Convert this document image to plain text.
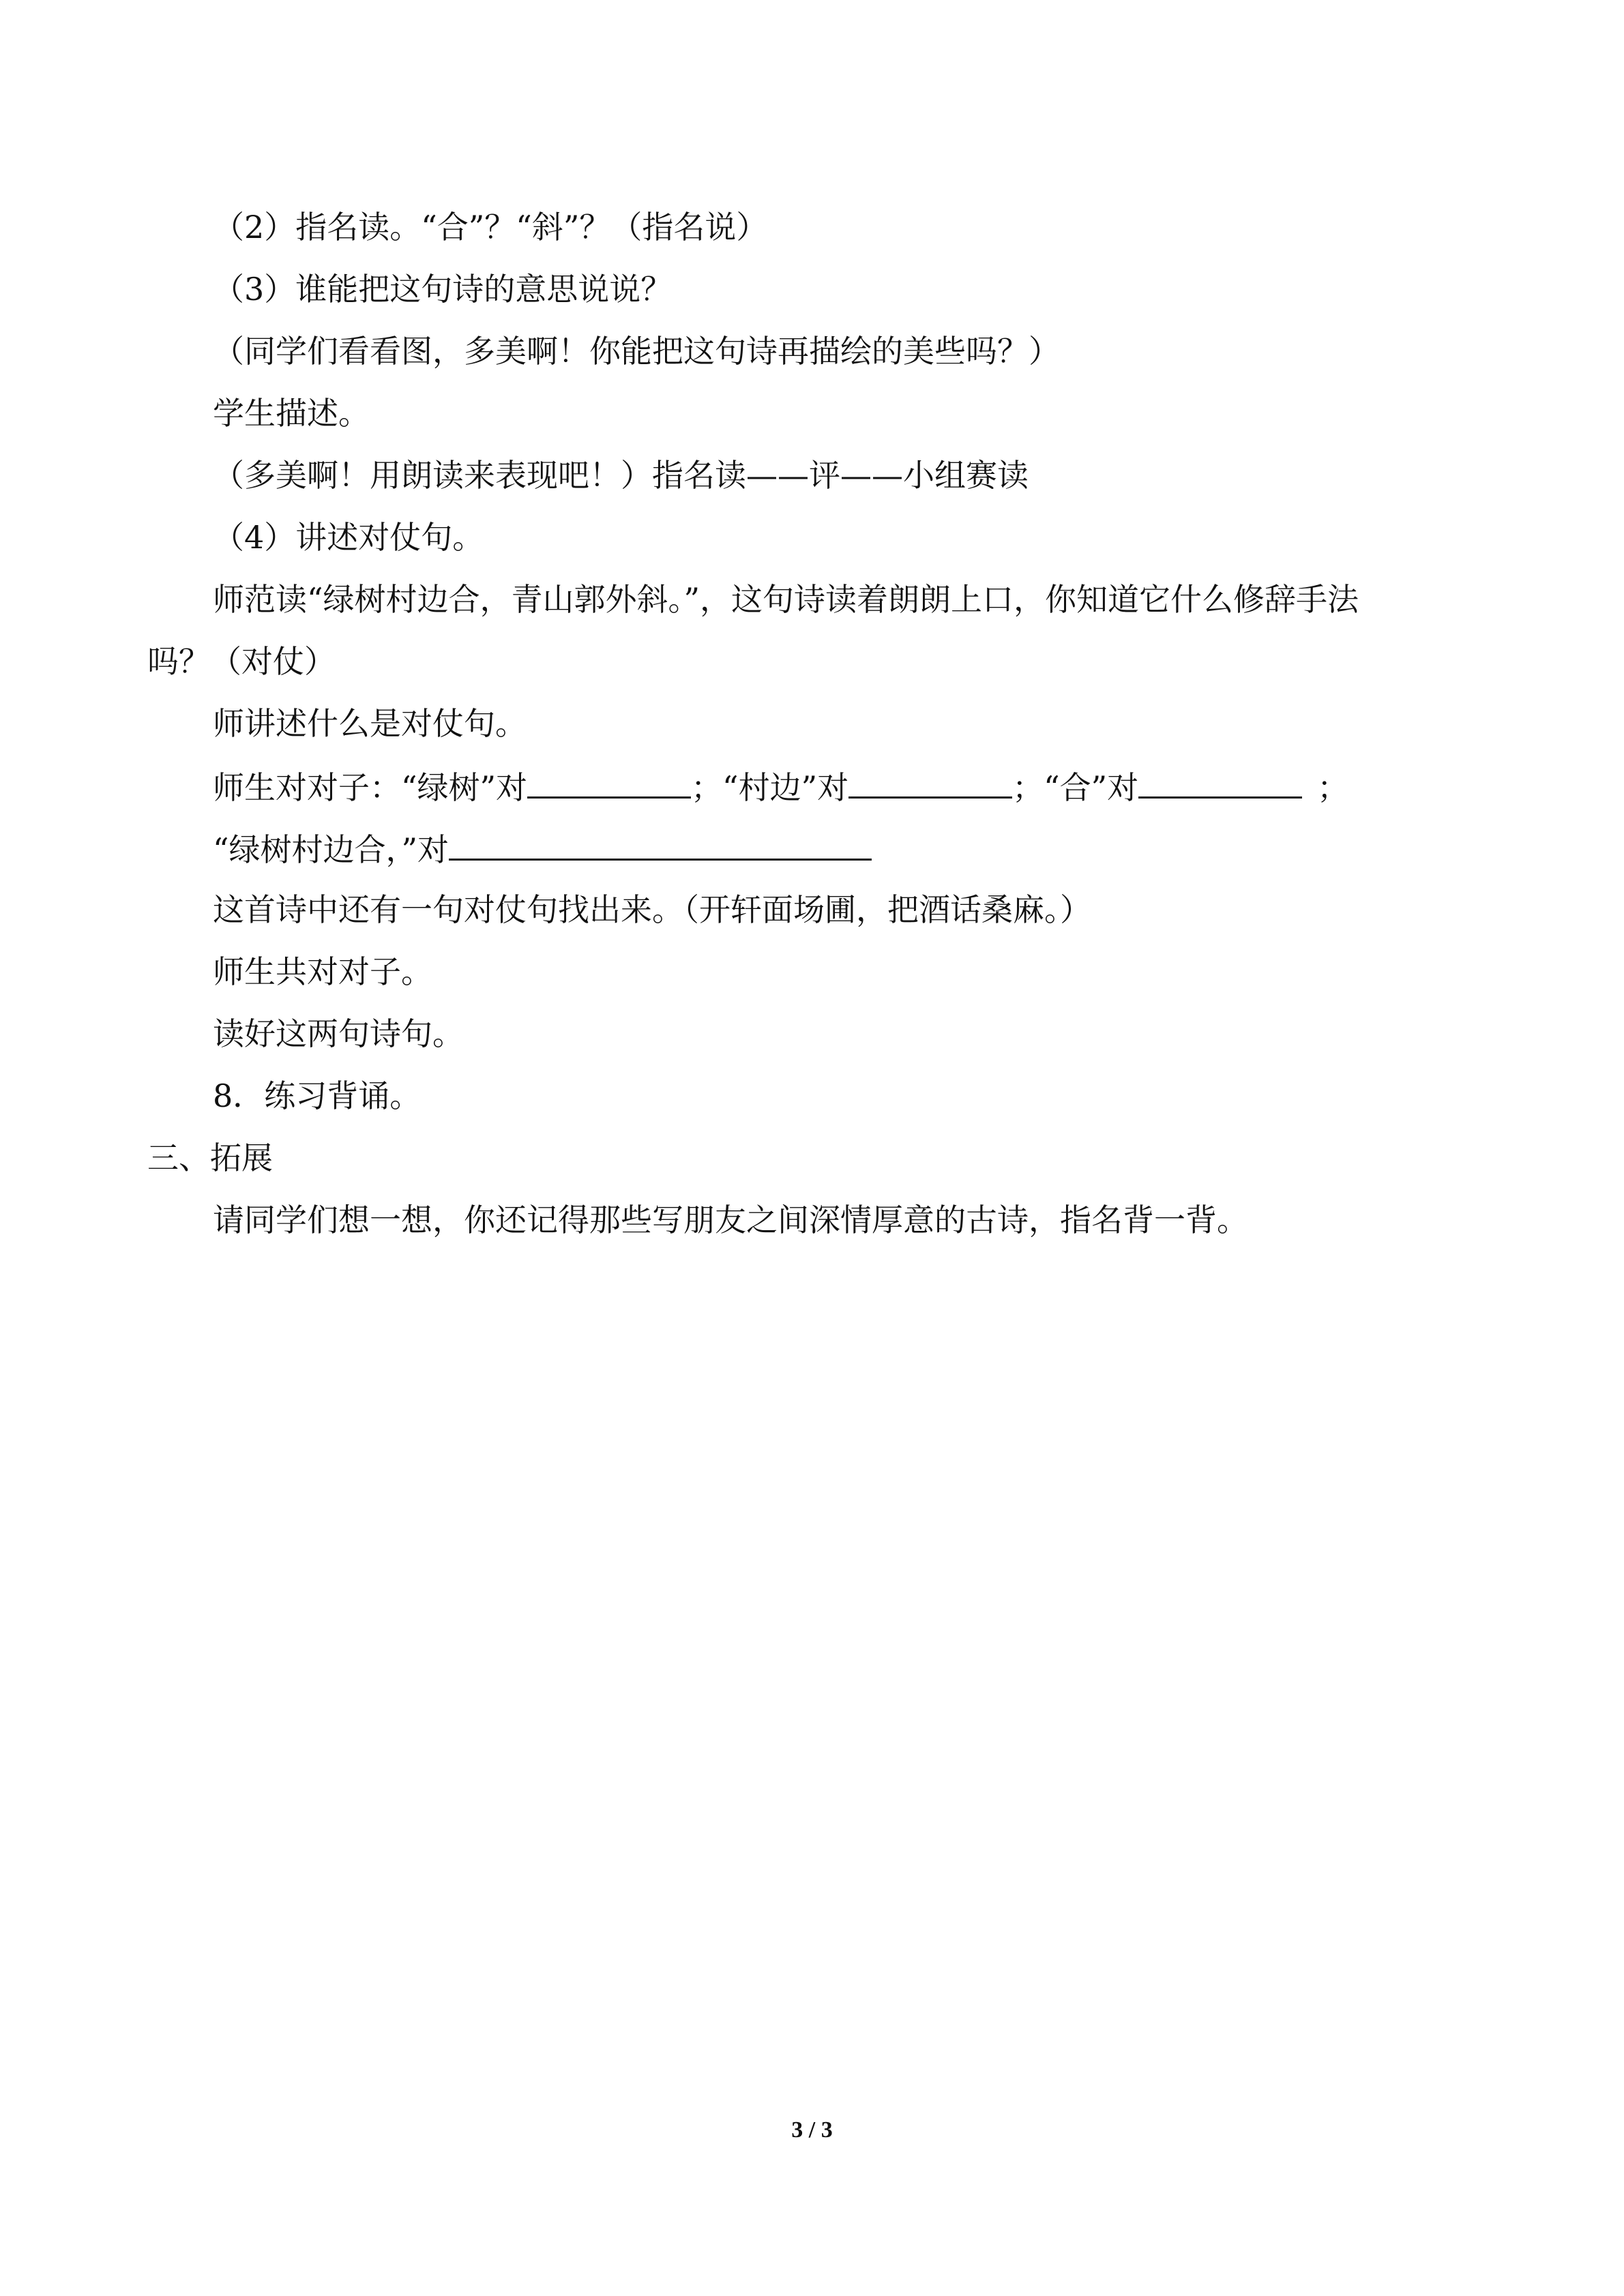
（2）指名读。“合”？“斜”？（指名说）
（3）谁能把这句诗的意思说说？
（同学们看看图，多美啊！你能把这句诗再描绘的美些吗？）
学生描述。
（多美啊！用朗读来表现吧！）指名读——评——小组赛读
（4）讲述对仗句。
师范读“绿树村边合，青山郭外斜。”，这句诗读着朗朗上口，你知道它什么修辞手法
吗？（对仗）
师讲述什么是对仗句。
师生对对子：“绿树”对	；“村边”对	；“合”对	；
“绿树村边合，”对
这首诗中还有一句对仗句找出来。（开轩面场圃，把酒话桑麻。）
师生共对对子。
读好这两句诗句。
8．练习背诵。
三、拓展
请同学们想一想，你还记得那些写朋友之间深情厚意的古诗，指名背一背。
3 / 3
